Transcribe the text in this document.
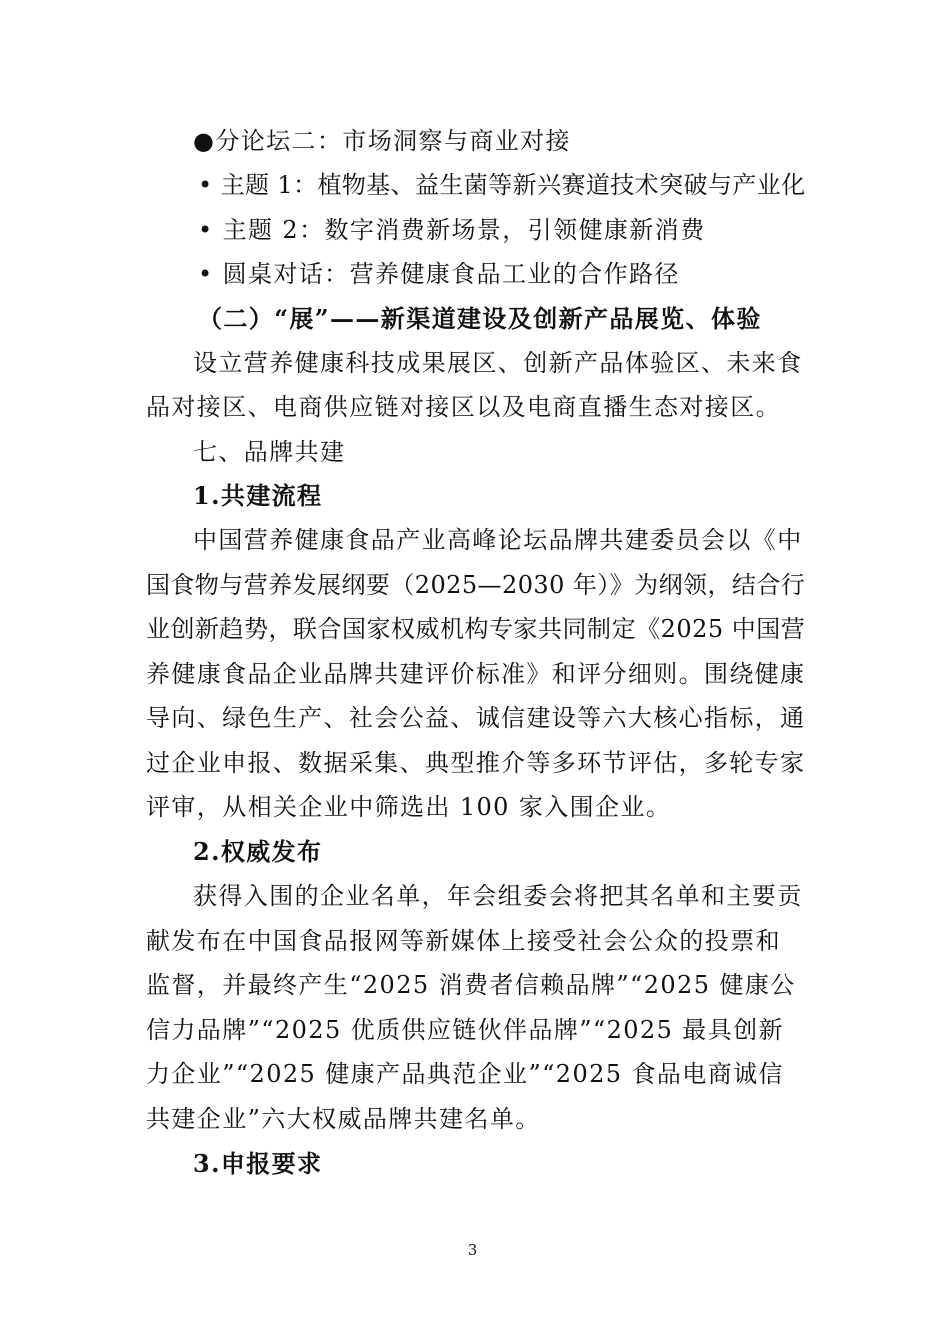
●分论坛二：市场洞察与商业对接
• 主题 1：植物基、益生菌等新兴赛道技术突破与产业化
• 主题 2：数字消费新场景，引领健康新消费
• 圆桌对话：营养健康食品工业的合作路径
（二）“展”——新渠道建设及创新产品展览、体验
设立营养健康科技成果展区、创新产品体验区、未来食
品对接区、电商供应链对接区以及电商直播生态对接区。
七、品牌共建
1.共建流程
中国营养健康食品产业高峰论坛品牌共建委员会以《中
国食物与营养发展纲要（2025—2030 年）》为纲领，结合行
业创新趋势，联合国家权威机构专家共同制定《2025 中国营
养健康食品企业品牌共建评价标准》和评分细则。围绕健康
导向、绿色生产、社会公益、诚信建设等六大核心指标，通
过企业申报、数据采集、典型推介等多环节评估，多轮专家
评审，从相关企业中筛选出 100 家入围企业。
2.权威发布
获得入围的企业名单，年会组委会将把其名单和主要贡
献发布在中国食品报网等新媒体上接受社会公众的投票和
监督，并最终产生“2025 消费者信赖品牌”“2025 健康公
信力品牌”“2025 优质供应链伙伴品牌”“2025 最具创新
力企业”“2025 健康产品典范企业”“2025 食品电商诚信
共建企业”六大权威品牌共建名单。
3.申报要求
3
